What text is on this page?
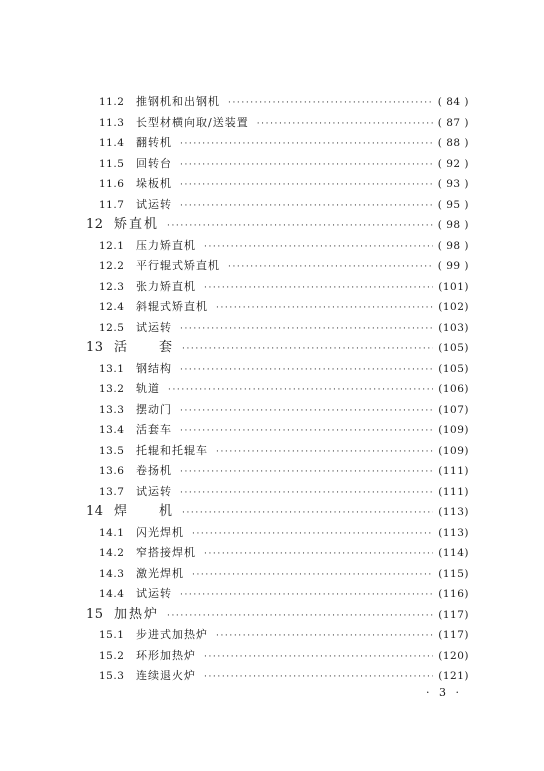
11.2	推钢机和出钢机 ·····	( 84 )
11.3	长型材横向取/送装置 ·····	( 87 )
11.4	翻转机 ·····	( 88 )
11.5	回转台 ·····	( 92 )
11.6	垛板机 ·····	( 93 )
11.7	试运转 ·····	( 95 )
12 矫直机 ·····	( 98 )
12.1	压力矫直机 ·····	( 98 )
12.2	平行辊式矫直机 ·····	( 99 )
12.3	张力矫直机 ·····	(101)
12.4	斜辊式矫直机 ·····	(102)
12.5	试运转 ·····	(103)
13 活　　套 ·····	(105)
13.1	钢结构 ·····	(105)
13.2	轨道 ·····	(106)
13.3	摆动门 ·····	(107)
13.4	活套车 ·····	(109)
13.5	托辊和托辊车 ·····	(109)
13.6	卷扬机 ·····	(111)
13.7	试运转 ·····	(111)
14 焊　　机 ·····	(113)
14.1	闪光焊机 ·····	(113)
14.2	窄搭接焊机 ·····	(114)
14.3	激光焊机 ·····	(115)
14.4	试运转 ·····	(116)
15 加热炉 ·····	(117)
15.1	步进式加热炉 ·····	(117)
15.2	环形加热炉 ·····	(120)
15.3	连续退火炉 ·····	(121)
· 3 ·
